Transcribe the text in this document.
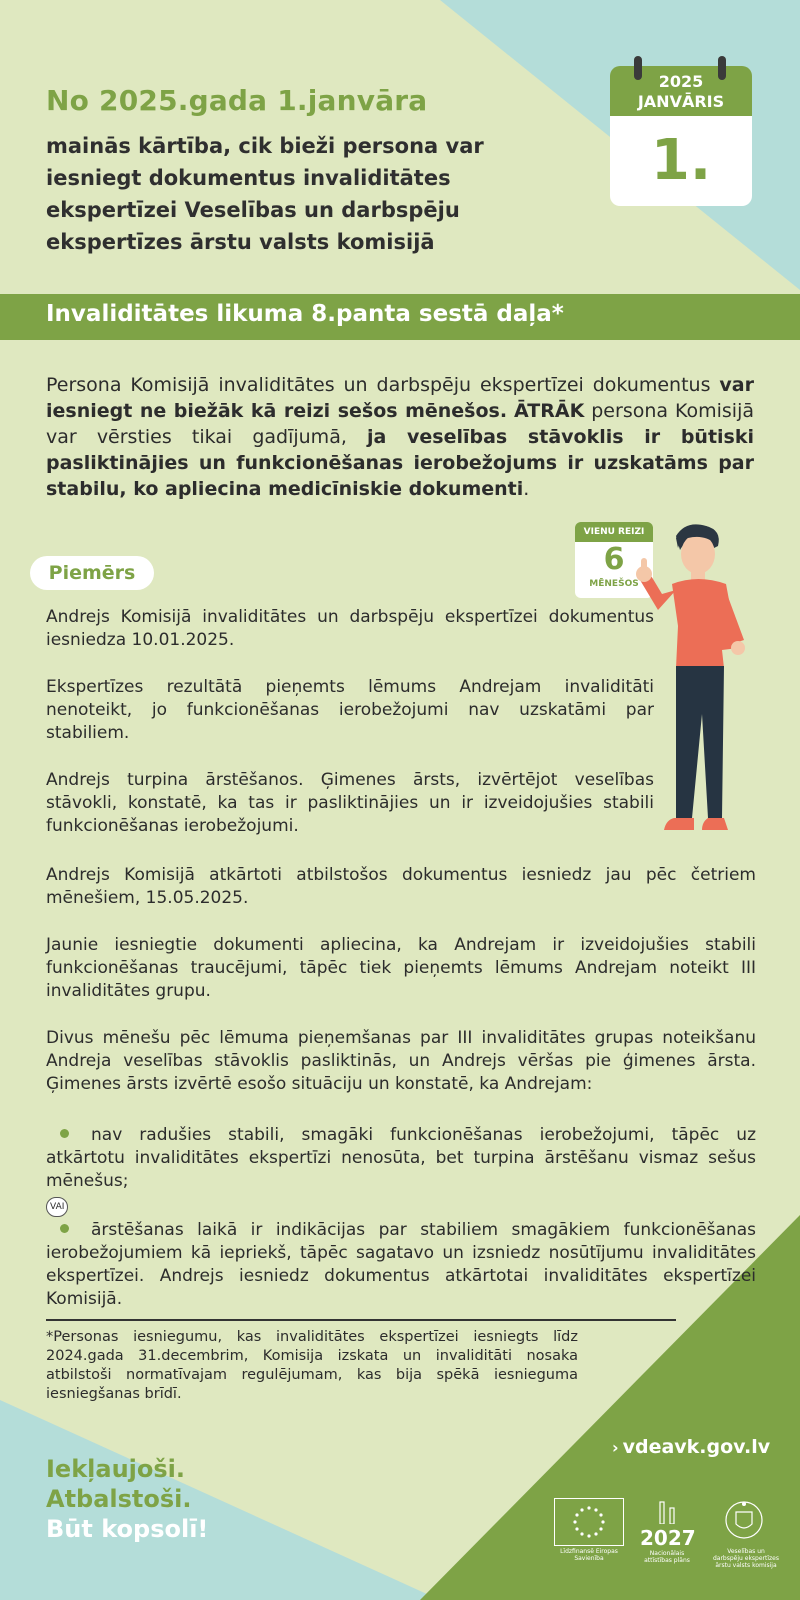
No 2025.gada 1.janvāra
mainās kārtība, cik bieži persona var iesniegt dokumentus invaliditātes ekspertīzei Veselības un darbspēju ekspertīzes ārstu valsts komisijā
2025
JANVĀRIS
1.
Invaliditātes likuma 8.panta sestā daļa*
Persona Komisijā invaliditātes un darbspēju ekspertīzei dokumentus var iesniegt ne biežāk kā reizi sešos mēnešos. ĀTRĀK persona Komisijā var vērsties tikai gadījumā, ja veselības stāvoklis ir būtiski pasliktinājies un funkcionēšanas ierobežojums ir uzskatāms par stabilu, ko apliecina medicīniskie dokumenti.
Piemērs
VIENU REIZI
6
MĒNEŠOS

Andrejs Komisijā invaliditātes un darbspēju ekspertīzei dokumentus iesniedza 10.01.2025.

Ekspertīzes rezultātā pieņemts lēmums Andrejam invaliditāti nenoteikt, jo funkcionēšanas ierobežojumi nav uzskatāmi par stabiliem.

Andrejs turpina ārstēšanos. Ģimenes ārsts, izvērtējot veselības stāvokli, konstatē, ka tas ir pasliktinājies un ir izveidojušies stabili funkcionēšanas ierobežojumi.

Andrejs Komisijā atkārtoti atbilstošos dokumentus iesniedz jau pēc četriem mēnešiem, 15.05.2025.

Jaunie iesniegtie dokumenti apliecina, ka Andrejam ir izveidojušies stabili funkcionēšanas traucējumi, tāpēc tiek pieņemts lēmums Andrejam noteikt III invaliditātes grupu.

Divus mēnešu pēc lēmuma pieņemšanas par III invaliditātes grupas noteikšanu Andreja veselības stāvoklis pasliktinās, un Andrejs vēršas pie ģimenes ārsta. Ģimenes ārsts izvērtē esošo situāciju un konstatē, ka Andrejam:

nav radušies stabili, smagāki funkcionēšanas ierobežojumi, tāpēc uz atkārtotu invaliditātes ekspertīzi nenosūta, bet turpina ārstēšanu vismaz sešus mēnešus;
VAI
ārstēšanas laikā ir indikācijas par stabiliem smagākiem funkcionēšanas ierobežojumiem kā iepriekš, tāpēc sagatavo un izsniedz nosūtījumu invaliditātes ekspertīzei. Andrejs iesniedz dokumentus atkārtotai invaliditātes ekspertīzei Komisijā.
*Personas iesniegumu, kas invaliditātes ekspertīzei iesniegts līdz 2024.gada 31.decembrim, Komisija izskata un invaliditāti nosaka atbilstoši normatīvajam regulējumam, kas bija spēkā iesnieguma iesniegšanas brīdī.
Iekļaujoši.
Atbalstoši.
Būt kopsolī!
› vdeavk.gov.lv
Līdzfinansē Eiropas Savienība
2027
Nacionālais attīstības plāns
Veselības un darbspēju ekspertīzes ārstu valsts komisija
